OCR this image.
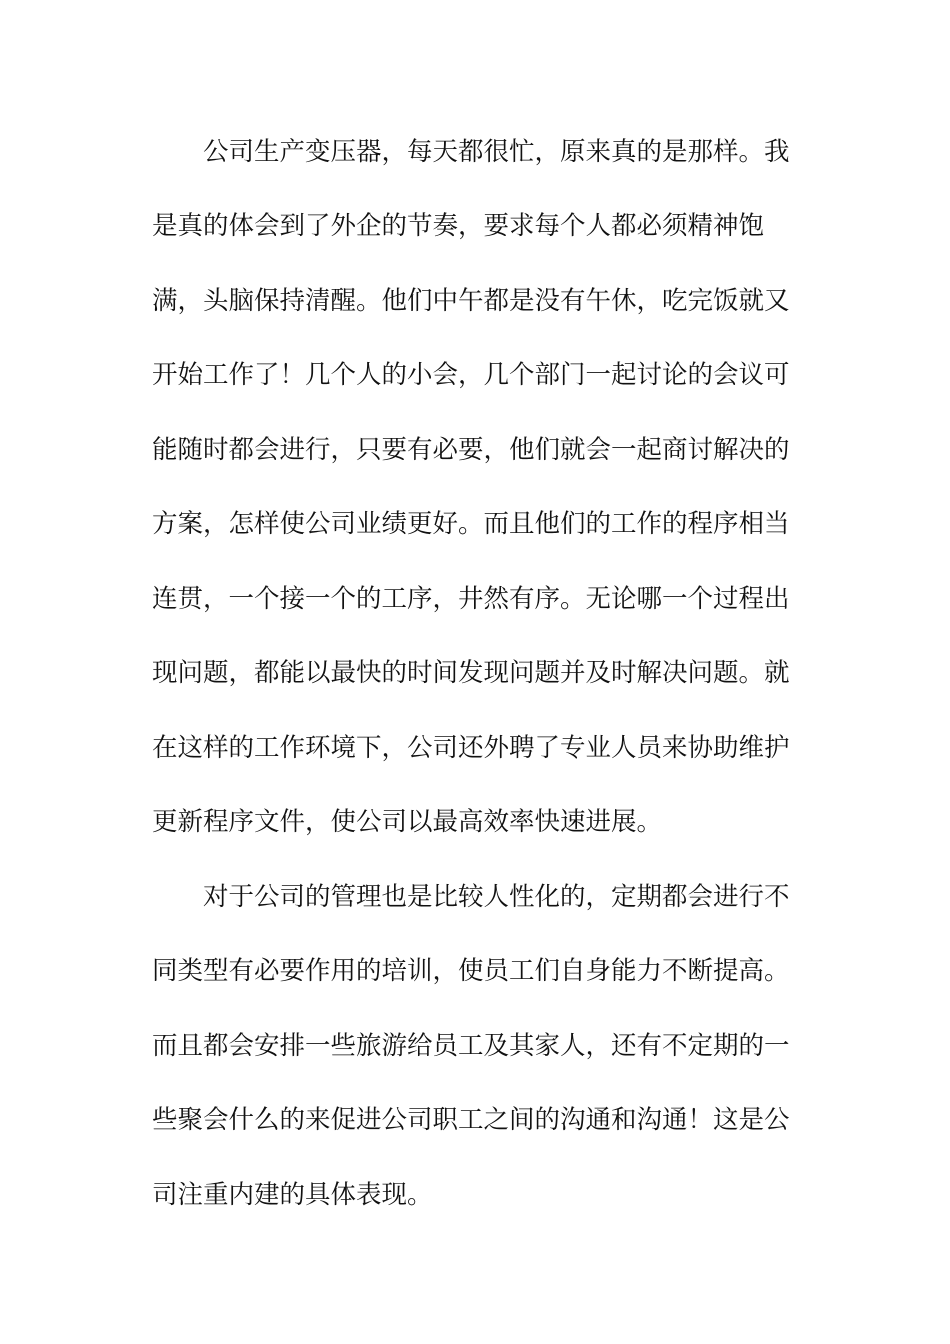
公司生产变压器，每天都很忙，原来真的是那样。我

是真的体会到了外企的节奏，要求每个人都必须精神饱

满，头脑保持清醒。他们中午都是没有午休，吃完饭就又

开始工作了！几个人的小会，几个部门一起讨论的会议可

能随时都会进行，只要有必要，他们就会一起商讨解决的

方案，怎样使公司业绩更好。而且他们的工作的程序相当

连贯，一个接一个的工序，井然有序。无论哪一个过程出

现问题，都能以最快的时间发现问题并及时解决问题。就

在这样的工作环境下，公司还外聘了专业人员来协助维护

更新程序文件，使公司以最高效率快速进展。

对于公司的管理也是比较人性化的，定期都会进行不

同类型有必要作用的培训，使员工们自身能力不断提高。

而且都会安排一些旅游给员工及其家人，还有不定期的一

些聚会什么的来促进公司职工之间的沟通和沟通！这是公

司注重内建的具体表现。
